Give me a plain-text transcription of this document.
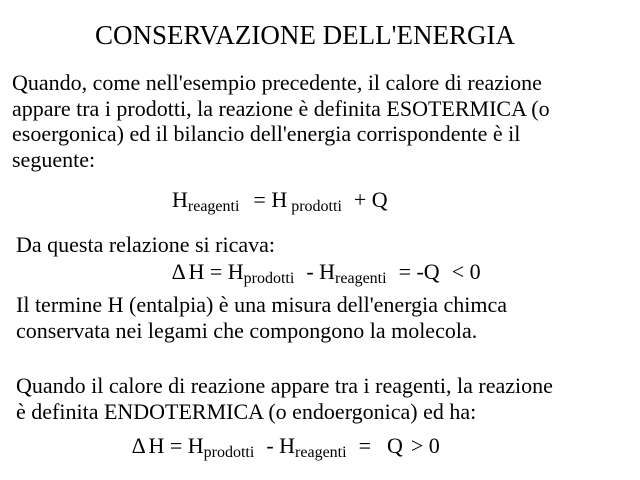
CONSERVAZIONE DELL'ENERGIA
Quando, come nell'esempio precedente, il calore di reazione
appare tra i prodotti, la reazione è definita ESOTERMICA (o
esoergonica) ed il bilancio dell'energia corrispondente è il
seguente:
Hreagenti = H prodotti + Q
Da questa relazione si ricava:
∆ H = Hprodotti - Hreagenti = -Q < 0
Il termine H (entalpia) è una misura dell'energia chimca
conservata nei legami che compongono la molecola.
Quando il calore di reazione appare tra i reagenti, la reazione
è definita ENDOTERMICA (o endoergonica) ed ha:
∆ H = Hprodotti - Hreagenti = Q > 0
